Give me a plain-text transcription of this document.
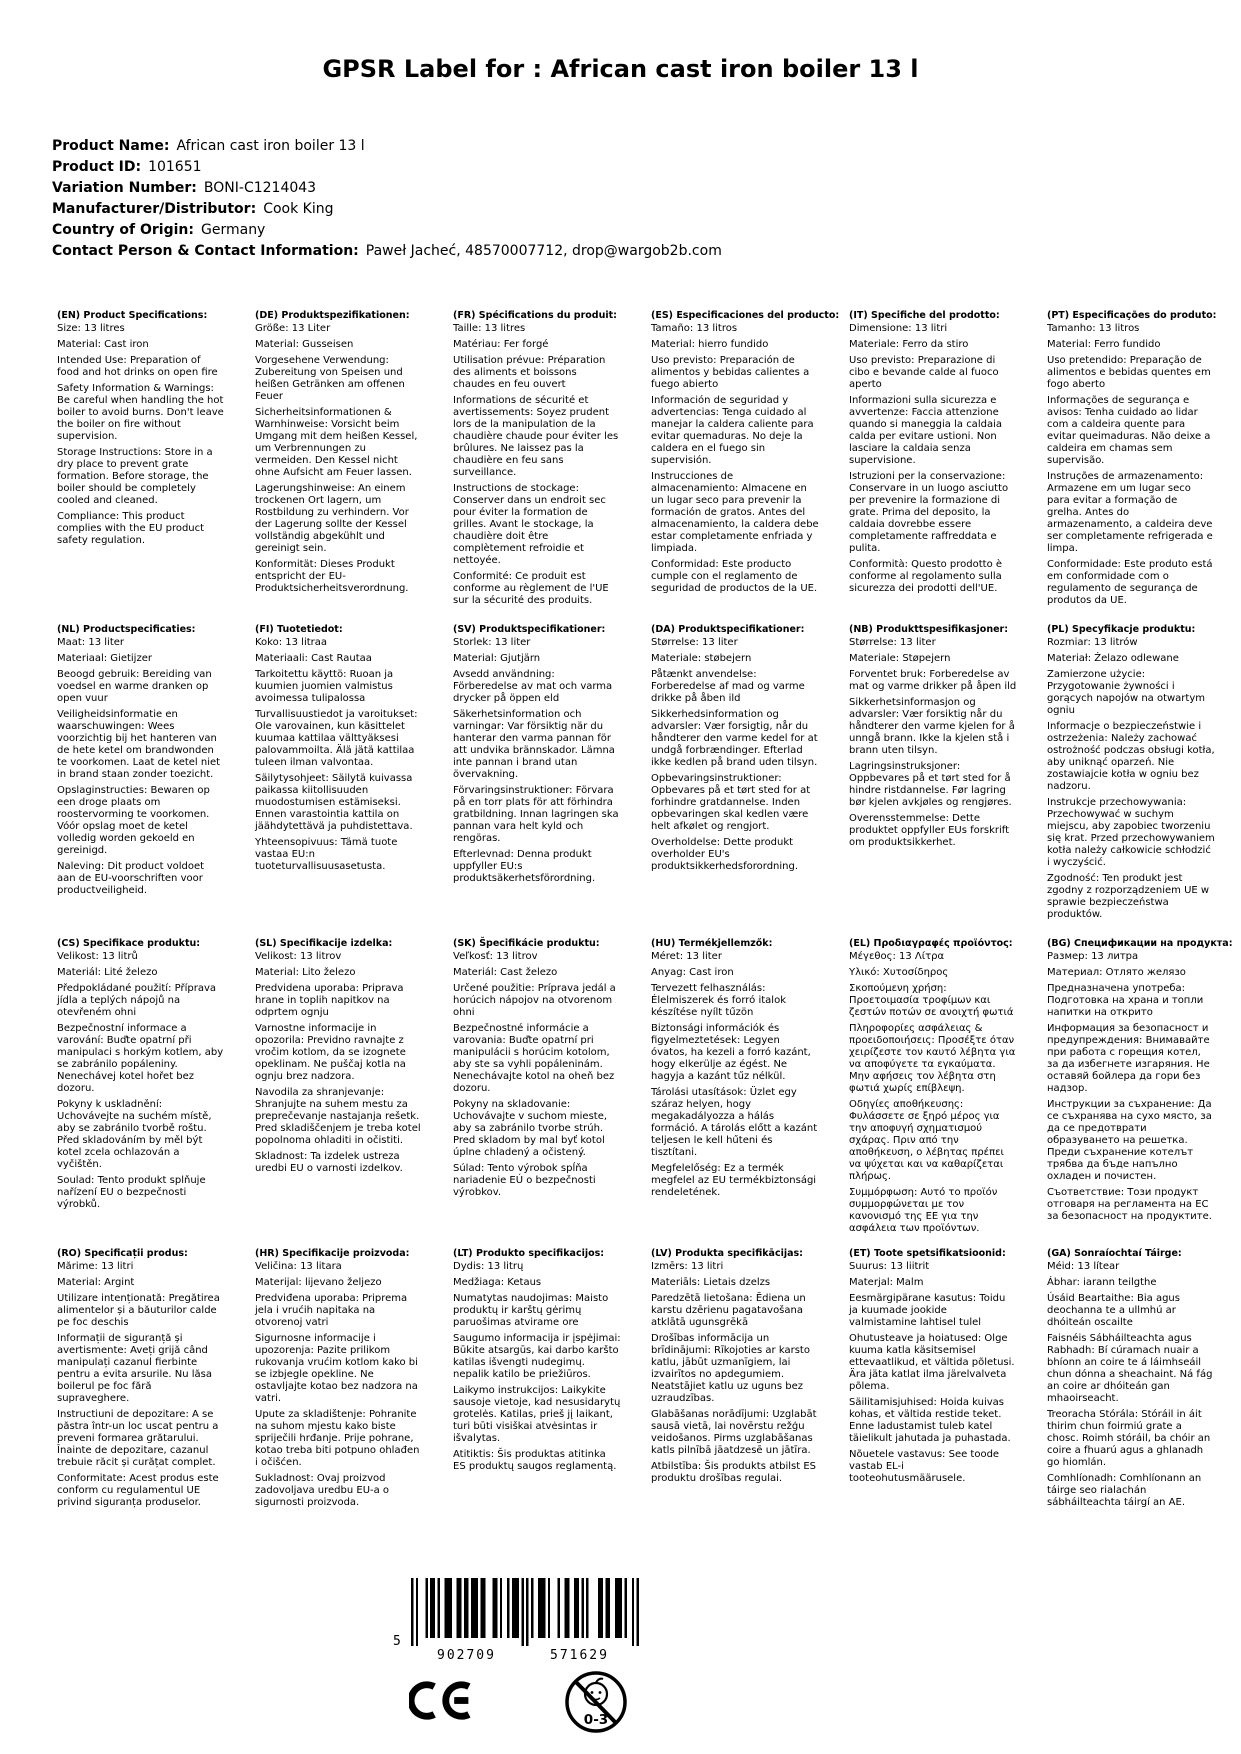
GPSR Label for : African cast iron boiler 13 l
Product Name: African cast iron boiler 13 l
Product ID: 101651
Variation Number: BONI-C1214043
Manufacturer/Distributor: Cook King
Country of Origin: Germany
Contact Person & Contact Information: Paweł Jacheć, 48570007712, drop@wargob2b.com
(EN) Product Specifications:

Size: 13 litres

Material: Cast iron

Intended Use: Preparation of food and hot drinks on open fire

Safety Information & Warnings: Be careful when handling the hot boiler to avoid burns. Don't leave the boiler on fire without supervision.

Storage Instructions: Store in a dry place to prevent grate formation. Before storage, the boiler should be completely cooled and cleaned.

Compliance: This product complies with the EU product safety regulation.

(DE) Produktspezifikationen:

Größe: 13 Liter

Material: Gusseisen

Vorgesehene Verwendung: Zubereitung von Speisen und heißen Getränken am offenen Feuer

Sicherheitsinformationen & Warnhinweise: Vorsicht beim Umgang mit dem heißen Kessel, um Verbrennungen zu vermeiden. Den Kessel nicht ohne Aufsicht am Feuer lassen.

Lagerungshinweise: An einem trockenen Ort lagern, um Rostbildung zu verhindern. Vor der Lagerung sollte der Kessel vollständig abgekühlt und gereinigt sein.

Konformität: Dieses Produkt entspricht der EU-Produktsicherheitsverordnung.

(FR) Spécifications du produit:

Taille: 13 litres

Matériau: Fer forgé

Utilisation prévue: Préparation des aliments et boissons chaudes en feu ouvert

Informations de sécurité et avertissements: Soyez prudent lors de la manipulation de la chaudière chaude pour éviter les brûlures. Ne laissez pas la chaudière en feu sans surveillance.

Instructions de stockage: Conserver dans un endroit sec pour éviter la formation de grilles. Avant le stockage, la chaudière doit être complètement refroidie et nettoyée.

Conformité: Ce produit est conforme au règlement de l'UE sur la sécurité des produits.

(ES) Especificaciones del producto:

Tamaño: 13 litros

Material: hierro fundido

Uso previsto: Preparación de alimentos y bebidas calientes a fuego abierto

Información de seguridad y advertencias: Tenga cuidado al manejar la caldera caliente para evitar quemaduras. No deje la caldera en el fuego sin supervisión.

Instrucciones de almacenamiento: Almacene en un lugar seco para prevenir la formación de gratos. Antes del almacenamiento, la caldera debe estar completamente enfriada y limpiada.

Conformidad: Este producto cumple con el reglamento de seguridad de productos de la UE.

(IT) Specifiche del prodotto:

Dimensione: 13 litri

Materiale: Ferro da stiro

Uso previsto: Preparazione di cibo e bevande calde al fuoco aperto

Informazioni sulla sicurezza e avvertenze: Faccia attenzione quando si maneggia la caldaia calda per evitare ustioni. Non lasciare la caldaia senza supervisione.

Istruzioni per la conservazione: Conservare in un luogo asciutto per prevenire la formazione di grate. Prima del deposito, la caldaia dovrebbe essere completamente raffreddata e pulita.

Conformità: Questo prodotto è conforme al regolamento sulla sicurezza dei prodotti dell'UE.

(PT) Especificações do produto:

Tamanho: 13 litros

Material: Ferro fundido

Uso pretendido: Preparação de alimentos e bebidas quentes em fogo aberto

Informações de segurança e avisos: Tenha cuidado ao lidar com a caldeira quente para evitar queimaduras. Não deixe a caldeira em chamas sem supervisão.

Instruções de armazenamento: Armazene em um lugar seco para evitar a formação de grelha. Antes do armazenamento, a caldeira deve ser completamente refrigerada e limpa.

Conformidade: Este produto está em conformidade com o regulamento de segurança de produtos da UE.

(NL) Productspecificaties:

Maat: 13 liter

Materiaal: Gietijzer

Beoogd gebruik: Bereiding van voedsel en warme dranken op open vuur

Veiligheidsinformatie en waarschuwingen: Wees voorzichtig bij het hanteren van de hete ketel om brandwonden te voorkomen. Laat de ketel niet in brand staan zonder toezicht.

Opslaginstructies: Bewaren op een droge plaats om roostervorming te voorkomen. Vóór opslag moet de ketel volledig worden gekoeld en gereinigd.

Naleving: Dit product voldoet aan de EU-voorschriften voor productveiligheid.

(FI) Tuotetiedot:

Koko: 13 litraa

Materiaali: Cast Rautaa

Tarkoitettu käyttö: Ruoan ja kuumien juomien valmistus avoimessa tulipalossa

Turvallisuustiedot ja varoitukset: Ole varovainen, kun käsittelet kuumaa kattilaa välttyäksesi palovammoilta. Älä jätä kattilaa tuleen ilman valvontaa.

Säilytysohjeet: Säilytä kuivassa paikassa kiitollisuuden muodostumisen estämiseksi. Ennen varastointia kattila on jäähdytettävä ja puhdistettava.

Yhteensopivuus: Tämä tuote vastaa EU:n tuoteturvallisuusasetusta.

(SV) Produktspecifikationer:

Storlek: 13 liter

Material: Gjutjärn

Avsedd användning: Förberedelse av mat och varma drycker på öppen eld

Säkerhetsinformation och varningar: Var försiktig när du hanterar den varma pannan för att undvika brännskador. Lämna inte pannan i brand utan övervakning.

Förvaringsinstruktioner: Förvara på en torr plats för att förhindra gratbildning. Innan lagringen ska pannan vara helt kyld och rengöras.

Efterlevnad: Denna produkt uppfyller EU:s produktsäkerhetsförordning.

(DA) Produktspecifikationer:

Størrelse: 13 liter

Materiale: støbejern

Påtænkt anvendelse: Forberedelse af mad og varme drikke på åben ild

Sikkerhedsinformation og advarsler: Vær forsigtig, når du håndterer den varme kedel for at undgå forbrændinger. Efterlad ikke kedlen på brand uden tilsyn.

Opbevaringsinstruktioner: Opbevares på et tørt sted for at forhindre gratdannelse. Inden opbevaringen skal kedlen være helt afkølet og rengjort.

Overholdelse: Dette produkt overholder EU's produktsikkerhedsforordning.

(NB) Produkttspesifikasjoner:

Størrelse: 13 liter

Materiale: Støpejern

Forventet bruk: Forberedelse av mat og varme drikker på åpen ild

Sikkerhetsinformasjon og advarsler: Vær forsiktig når du håndterer den varme kjelen for å unngå brann. Ikke la kjelen stå i brann uten tilsyn.

Lagringsinstruksjoner: Oppbevares på et tørt sted for å hindre ristdannelse. Før lagring bør kjelen avkjøles og rengjøres.

Overensstemmelse: Dette produktet oppfyller EUs forskrift om produktsikkerhet.

(PL) Specyfikacje produktu:

Rozmiar: 13 litrów

Materiał: Żelazo odlewane

Zamierzone użycie: Przygotowanie żywności i gorących napojów na otwartym ogniu

Informacje o bezpieczeństwie i ostrzeżenia: Należy zachować ostrożność podczas obsługi kotła, aby uniknąć oparzeń. Nie zostawiajcie kotła w ogniu bez nadzoru.

Instrukcje przechowywania: Przechowywać w suchym miejscu, aby zapobiec tworzeniu się krat. Przed przechowywaniem kotła należy całkowicie schłodzić i wyczyścić.

Zgodność: Ten produkt jest zgodny z rozporządzeniem UE w sprawie bezpieczeństwa produktów.

(CS) Specifikace produktu:

Velikost: 13 litrů

Materiál: Lité železo

Předpokládané použití: Příprava jídla a teplých nápojů na otevřeném ohni

Bezpečnostní informace a varování: Buďte opatrní při manipulaci s horkým kotlem, aby se zabránilo popáleniny. Nenechávej kotel hořet bez dozoru.

Pokyny k uskladnění: Uchovávejte na suchém místě, aby se zabránilo tvorbě roštu. Před skladováním by měl být kotel zcela ochlazován a vyčištěn.

Soulad: Tento produkt splňuje nařízení EU o bezpečnosti výrobků.

(SL) Specifikacije izdelka:

Velikost: 13 litrov

Material: Lito železo

Predvidena uporaba: Priprava hrane in toplih napitkov na odprtem ognju

Varnostne informacije in opozorila: Previdno ravnajte z vročim kotlom, da se izognete opeklinam. Ne puščaj kotla na ognju brez nadzora.

Navodila za shranjevanje: Shranjujte na suhem mestu za preprečevanje nastajanja rešetk. Pred skladiščenjem je treba kotel popolnoma ohladiti in očistiti.

Skladnost: Ta izdelek ustreza uredbi EU o varnosti izdelkov.

(SK) Špecifikácie produktu:

Veľkosť: 13 litrov

Materiál: Cast železo

Určené použitie: Príprava jedál a horúcich nápojov na otvorenom ohni

Bezpečnostné informácie a varovania: Buďte opatrní pri manipulácii s horúcim kotolom, aby ste sa vyhli popáleninám. Nenechávajte kotol na oheň bez dozoru.

Pokyny na skladovanie: Uchovávajte v suchom mieste, aby sa zabránilo tvorbe strúh. Pred skladom by mal byť kotol úplne chladený a očistený.

Súlad: Tento výrobok spĺňa nariadenie EÚ o bezpečnosti výrobkov.

(HU) Termékjellemzők:

Méret: 13 liter

Anyag: Cast iron

Tervezett felhasználás: Élelmiszerek és forró italok készítése nyílt tűzön

Biztonsági információk és figyelmeztetések: Legyen óvatos, ha kezeli a forró kazánt, hogy elkerülje az égést. Ne hagyja a kazánt tűz nélkül.

Tárolási utasítások: Üzlet egy száraz helyen, hogy megakadályozza a hálás formáció. A tárolás előtt a kazánt teljesen le kell hűteni és tisztítani.

Megfelelőség: Ez a termék megfelel az EU termékbiztonsági rendeletének.

(EL) Προδιαγραφές προϊόντος:

Μέγεθος: 13 Λίτρα

Υλικό: Χυτοσίδηρος

Σκοπούμενη χρήση: Προετοιμασία τροφίμων και ζεστών ποτών σε ανοιχτή φωτιά

Πληροφορίες ασφάλειας & προειδοποιήσεις: Προσέξτε όταν χειρίζεστε τον καυτό λέβητα για να αποφύγετε τα εγκαύματα. Μην αφήσεις τον λέβητα στη φωτιά χωρίς επίβλεψη.

Οδηγίες αποθήκευσης: Φυλάσσετε σε ξηρό μέρος για την αποφυγή σχηματισμού σχάρας. Πριν από την αποθήκευση, ο λέβητας πρέπει να ψύχεται και να καθαρίζεται πλήρως.

Συμμόρφωση: Αυτό το προϊόν συμμορφώνεται με τον κανονισμό της ΕΕ για την ασφάλεια των προϊόντων.

(BG) Спецификации на продукта:

Размер: 13 литра

Материал: Отлято желязо

Предназначена употреба: Подготовка на храна и топли напитки на открито

Информация за безопасност и предупреждения: Внимавайте при работа с горещия котел, за да избегнете изгаряния. Не оставяй бойлера да гори без надзор.

Инструкции за съхранение: Да се съхранява на сухо място, за да се предотврати образуването на решетка. Преди съхранение котелът трябва да бъде напълно охладен и почистен.

Съответствие: Този продукт отговаря на регламента на ЕС за безопасност на продуктите.

(RO) Specificații produs:

Mărime: 13 litri

Material: Argint

Utilizare intenționată: Pregătirea alimentelor și a băuturilor calde pe foc deschis

Informații de siguranță și avertismente: Aveți grijă când manipulați cazanul fierbinte pentru a evita arsurile. Nu lăsa boilerul pe foc fără supraveghere.

Instructiuni de depozitare: A se păstra într-un loc uscat pentru a preveni formarea grătarului. Înainte de depozitare, cazanul trebuie răcit și curățat complet.

Conformitate: Acest produs este conform cu regulamentul UE privind siguranța produselor.

(HR) Specifikacije proizvoda:

Veličina: 13 litara

Materijal: lijevano željezo

Predviđena uporaba: Priprema jela i vrućih napitaka na otvorenoj vatri

Sigurnosne informacije i upozorenja: Pazite prilikom rukovanja vrućim kotlom kako bi se izbjegle opekline. Ne ostavljajte kotao bez nadzora na vatri.

Upute za skladištenje: Pohranite na suhom mjestu kako biste spriječili hrđanje. Prije pohrane, kotao treba biti potpuno ohlađen i očišćen.

Sukladnost: Ovaj proizvod zadovoljava uredbu EU-a o sigurnosti proizvoda.

(LT) Produkto specifikacijos:

Dydis: 13 litrų

Medžiaga: Ketaus

Numatytas naudojimas: Maisto produktų ir karštų gėrimų paruošimas atvirame ore

Saugumo informacija ir įspėjimai: Būkite atsargūs, kai darbo karšto katilas išvengti nudegimų. nepalik katilo be priežiūros.

Laikymo instrukcijos: Laikykite sausoje vietoje, kad nesusidarytų grotelės. Katilas, prieš jį laikant, turi būti visiškai atvėsintas ir išvalytas.

Atitiktis: Šis produktas atitinka ES produktų saugos reglamentą.

(LV) Produkta specifikācijas:

Izmērs: 13 litri

Materiāls: Lietais dzelzs

Paredzētā lietošana: Ēdiena un karstu dzērienu pagatavošana atklātā ugunsgrēkā

Drošības informācija un brīdinājumi: Rīkojoties ar karsto katlu, jābūt uzmanīgiem, lai izvairītos no apdegumiem. Neatstājiet katlu uz uguns bez uzraudzības.

Glabāšanas norādījumi: Uzglabāt sausā vietā, lai novērstu režģu veidošanos. Pirms uzglabāšanas katls pilnībā jāatdzesē un jātīra.

Atbilstība: Šis produkts atbilst ES produktu drošības regulai.

(ET) Toote spetsifikatsioonid:

Suurus: 13 liitrit

Materjal: Malm

Eesmärgipärane kasutus: Toidu ja kuumade jookide valmistamine lahtisel tulel

Ohutusteave ja hoiatused: Olge kuuma katla käsitsemisel ettevaatlikud, et vältida põletusi. Ära jäta katlat ilma järelvalveta põlema.

Säilitamisjuhised: Hoida kuivas kohas, et vältida restide teket. Enne ladustamist tuleb katel täielikult jahutada ja puhastada.

Nõuetele vastavus: See toode vastab EL-i tooteohutusmäärusele.

(GA) Sonraíochtaí Táirge:

Méid: 13 lítear

Ábhar: iarann teilgthe

Úsáid Beartaithe: Bia agus deochanna te a ullmhú ar dhóiteán oscailte

Faisnéis Sábháilteachta agus Rabhadh: Bí cúramach nuair a bhíonn an coire te á láimhseáil chun dónna a sheachaint. Ná fág an coire ar dhóiteán gan mhaoirseacht.

Treoracha Stórála: Stóráil in áit thirim chun foirmiú grate a chosc. Roimh stóráil, ba chóir an coire a fhuarú agus a ghlanadh go hiomlán.

Comhlíonadh: Comhlíonann an táirge seo rialachán sábháilteachta táirgí an AE.

5
902709	571629
0-3
